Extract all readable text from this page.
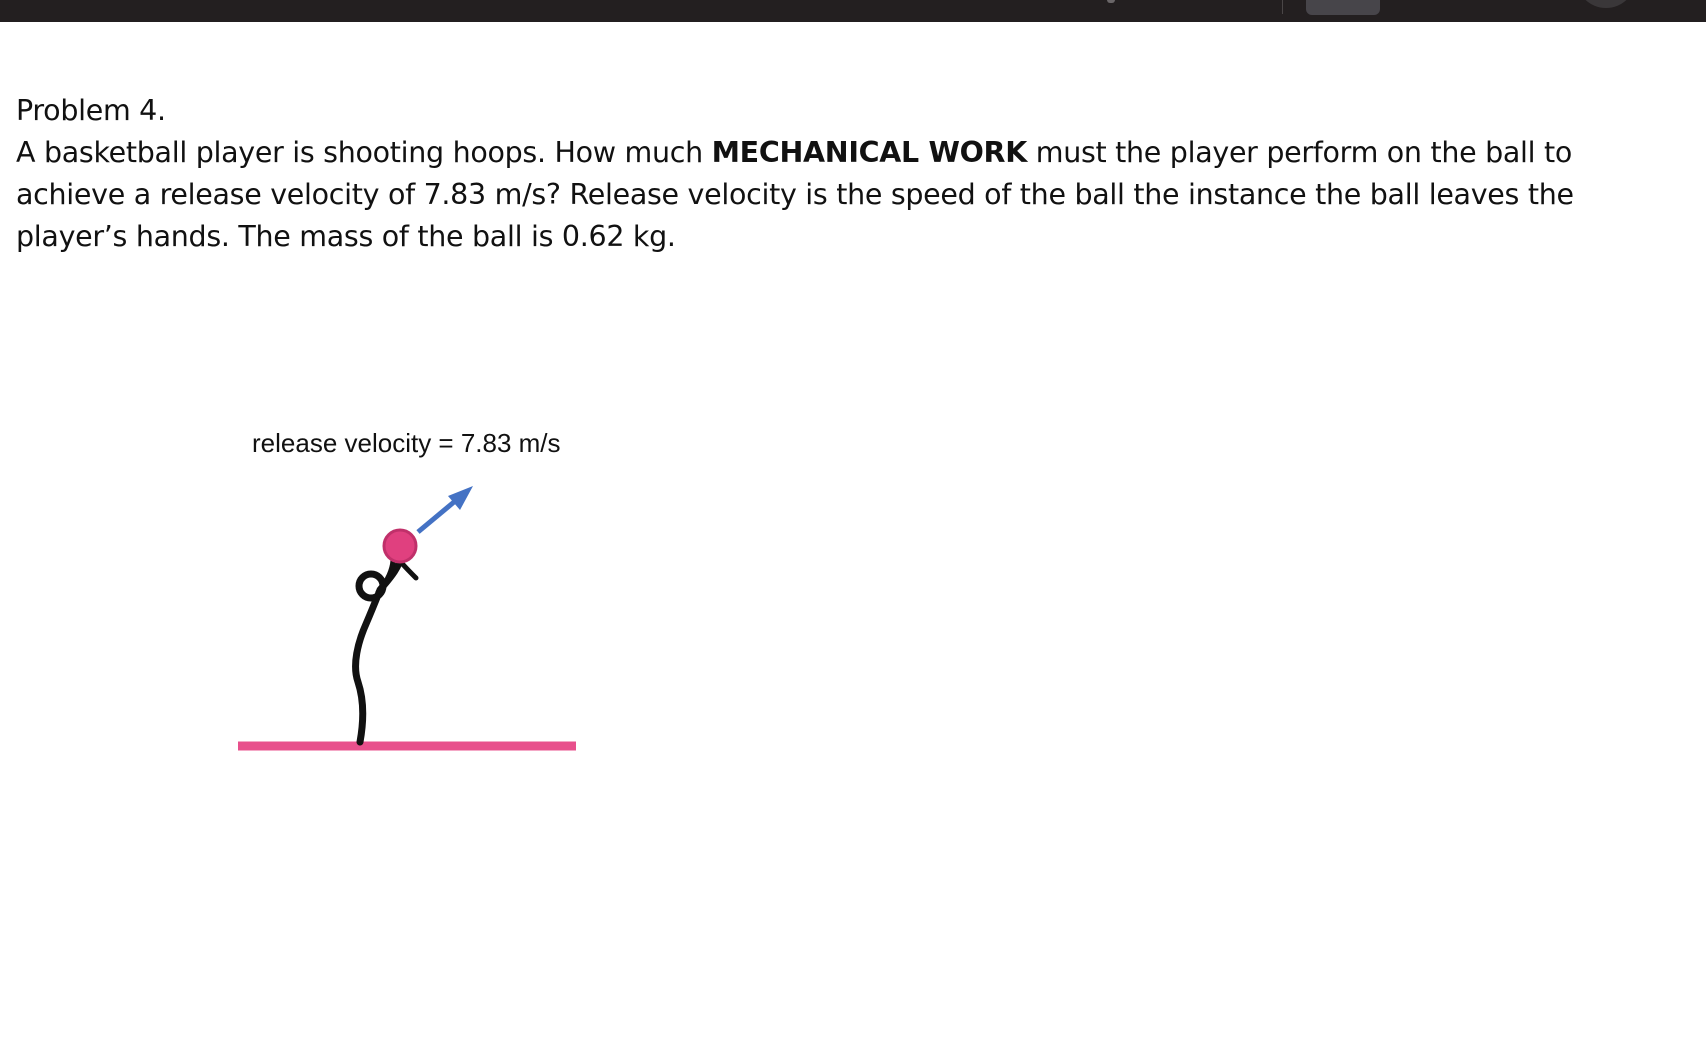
Problem 4.

A basketball player is shooting hoops. How much MECHANICAL WORK must the player perform on the ball to achieve a release velocity of 7.83 m/s? Release velocity is the speed of the ball the instance the ball leaves the player’s hands. The mass of the ball is 0.62 kg.

release velocity = 7.83 m/s
